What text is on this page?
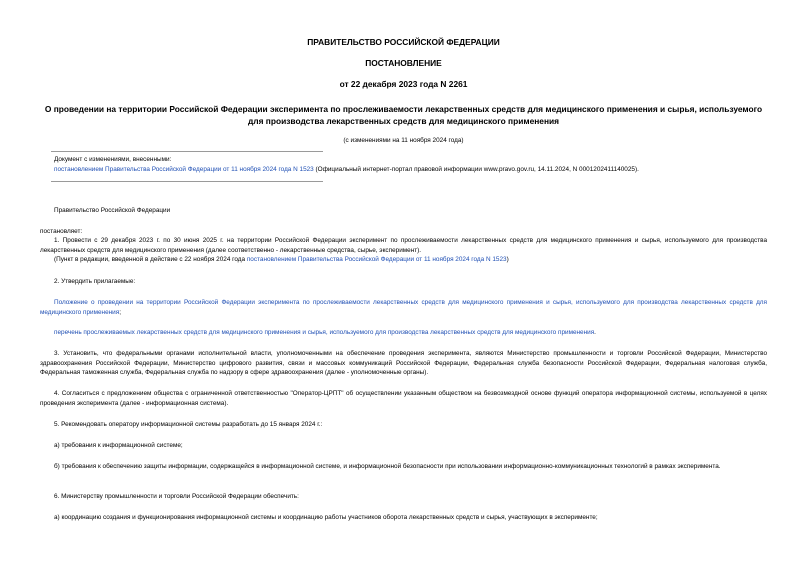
ПРАВИТЕЛЬСТВО РОССИЙСКОЙ ФЕДЕРАЦИИ
ПОСТАНОВЛЕНИЕ
от 22 декабря 2023 года N 2261
О проведении на территории Российской Федерации эксперимента по прослеживаемости лекарственных средств для медицинского применения и сырья, используемого для производства лекарственных средств для медицинского применения
(с изменениями на 11 ноября 2024 года)
Документ с изменениями, внесенными:
постановлением Правительства Российской Федерации от 11 ноября 2024 года N 1523 (Официальный интернет-портал правовой информации www.pravo.gov.ru, 14.11.2024, N 0001202411140025).
Правительство Российской Федерации
постановляет:
1. Провести с 29 декабря 2023 г. по 30 июня 2025 г. на территории Российской Федерации эксперимент по прослеживаемости лекарственных средств для медицинского применения и сырья, используемого для производства лекарственных средств для медицинского применения (далее соответственно - лекарственные средства, сырье, эксперимент).
(Пункт в редакции, введенной в действие с 22 ноября 2024 года постановлением Правительства Российской Федерации от 11 ноября 2024 года N 1523)
2. Утвердить прилагаемые:
Положение о проведении на территории Российской Федерации эксперимента по прослеживаемости лекарственных средств для медицинского применения и сырья, используемого для производства лекарственных средств для медицинского применения;
перечень прослеживаемых лекарственных средств для медицинского применения и сырья, используемого для производства лекарственных средств для медицинского применения.
3. Установить, что федеральными органами исполнительной власти, уполномоченными на обеспечение проведения эксперимента, являются Министерство промышленности и торговли Российской Федерации, Министерство здравоохранения Российской Федерации, Министерство цифрового развития, связи и массовых коммуникаций Российской Федерации, Федеральная служба безопасности Российской Федерации, Федеральная налоговая служба, Федеральная таможенная служба, Федеральная служба по надзору в сфере здравоохранения (далее - уполномоченные органы).
4. Согласиться с предложением общества с ограниченной ответственностью "Оператор-ЦРПТ" об осуществлении указанным обществом на безвозмездной основе функций оператора информационной системы, используемой в целях проведения эксперимента (далее - информационная система).
5. Рекомендовать оператору информационной системы разработать до 15 января 2024 г.:
а) требования к информационной системе;
б) требования к обеспечению защиты информации, содержащейся в информационной системе, и информационной безопасности при использовании информационно-коммуникационных технологий в рамках эксперимента.
6. Министерству промышленности и торговли Российской Федерации обеспечить:
а) координацию создания и функционирования информационной системы и координацию работы участников оборота лекарственных средств и сырья, участвующих в эксперименте;
